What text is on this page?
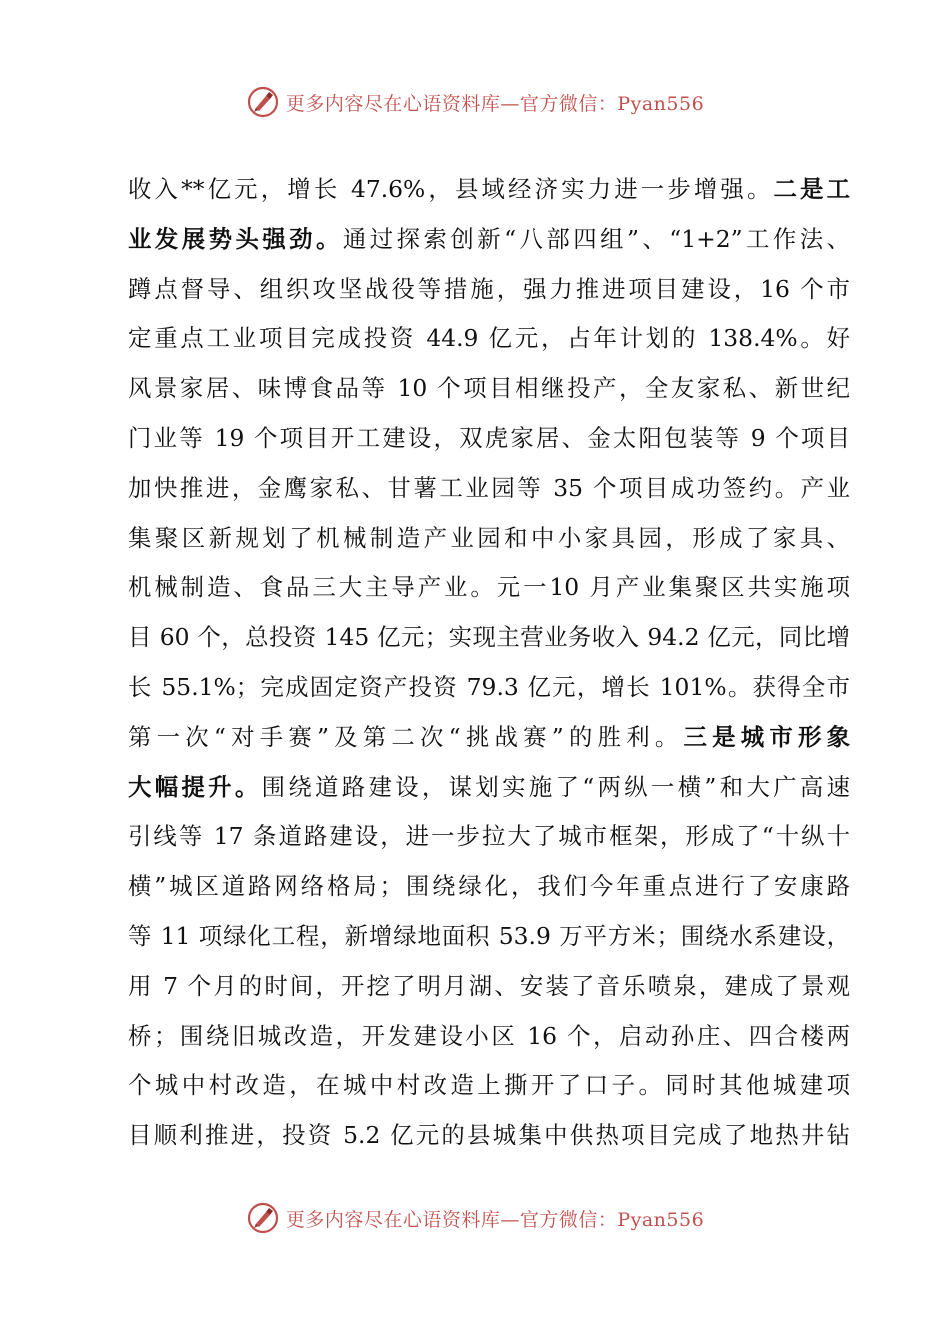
更多内容尽在心语资料库—官方微信：Pyan556
收入**亿元，增长 47.6%，县域经济实力进一步增强。二是工
业发展势头强劲。通过探索创新“八部四组”、“1+2”工作法、
蹲点督导、组织攻坚战役等措施，强力推进项目建设，16 个市
定重点工业项目完成投资 44.9 亿元，占年计划的 138.4%。好
风景家居、味博食品等 10 个项目相继投产，全友家私、新世纪
门业等 19 个项目开工建设，双虎家居、金太阳包装等 9 个项目
加快推进，金鹰家私、甘薯工业园等 35 个项目成功签约。产业
集聚区新规划了机械制造产业园和中小家具园，形成了家具、
机械制造、食品三大主导产业。元一10 月产业集聚区共实施项
目 60 个，总投资 145 亿元；实现主营业务收入 94.2 亿元，同比增
长 55.1%；完成固定资产投资 79.3 亿元，增长 101%。获得全市
第一次“对手赛”及第二次“挑战赛”的胜利。三是城市形象
大幅提升。围绕道路建设，谋划实施了“两纵一横”和大广高速
引线等 17 条道路建设，进一步拉大了城市框架，形成了“十纵十
横”城区道路网络格局；围绕绿化，我们今年重点进行了安康路
等 11 项绿化工程，新增绿地面积 53.9 万平方米；围绕水系建设，
用 7 个月的时间，开挖了明月湖、安装了音乐喷泉，建成了景观
桥；围绕旧城改造，开发建设小区 16 个，启动孙庄、四合楼两
个城中村改造，在城中村改造上撕开了口子。同时其他城建项
目顺利推进，投资 5.2 亿元的县城集中供热项目完成了地热井钻
更多内容尽在心语资料库—官方微信：Pyan556
